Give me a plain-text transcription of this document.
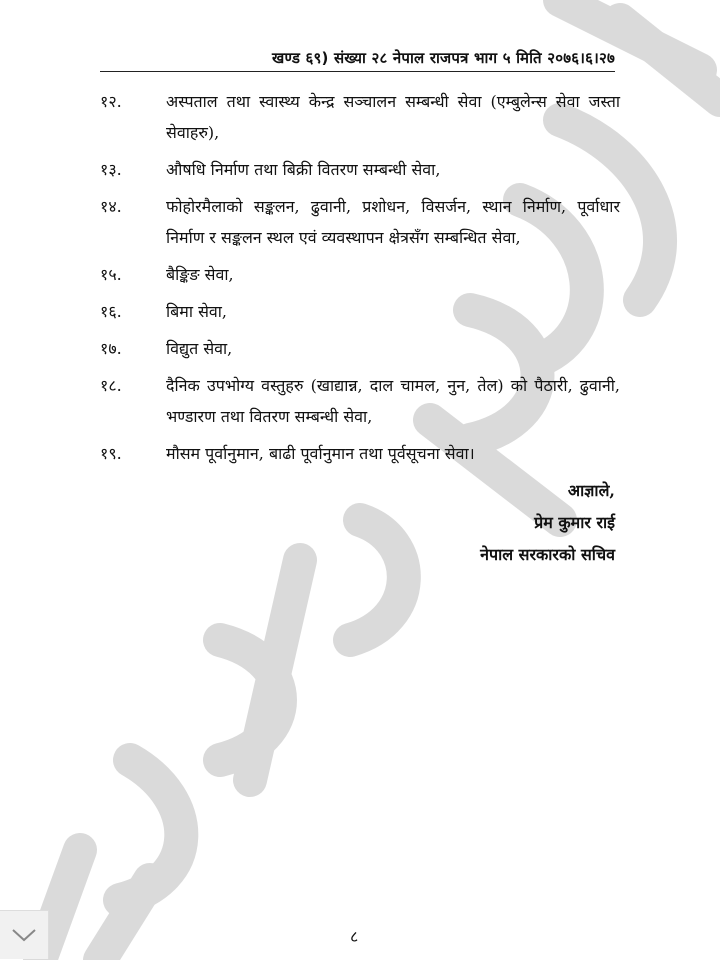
खण्ड ६९) संख्या २८ नेपाल राजपत्र भाग ५ मिति २०७६।६।२७
१२.	अस्पताल तथा स्वास्थ्य केन्द्र सञ्चालन सम्बन्धी सेवा (एम्बुलेन्स सेवा जस्ता सेवाहरु),
१३.	औषधि निर्माण तथा बिक्री वितरण सम्बन्धी सेवा,
१४.	फोहोरमैलाको सङ्कलन, ढुवानी, प्रशोधन, विसर्जन, स्थान निर्माण, पूर्वाधार निर्माण र सङ्कलन स्थल एवं व्यवस्थापन क्षेत्रसँग सम्बन्धित सेवा,
१५.	बैङ्किङ सेवा,
१६.	बिमा सेवा,
१७.	विद्युत सेवा,
१८.	दैनिक उपभोग्य वस्तुहरु (खाद्यान्न, दाल चामल, नुन, तेल) को पैठारी, ढुवानी, भण्डारण तथा वितरण सम्बन्धी सेवा,
१९.	मौसम पूर्वानुमान, बाढी पूर्वानुमान तथा पूर्वसूचना सेवा।
आज्ञाले,
प्रेम कुमार राई
नेपाल सरकारको सचिव
८
